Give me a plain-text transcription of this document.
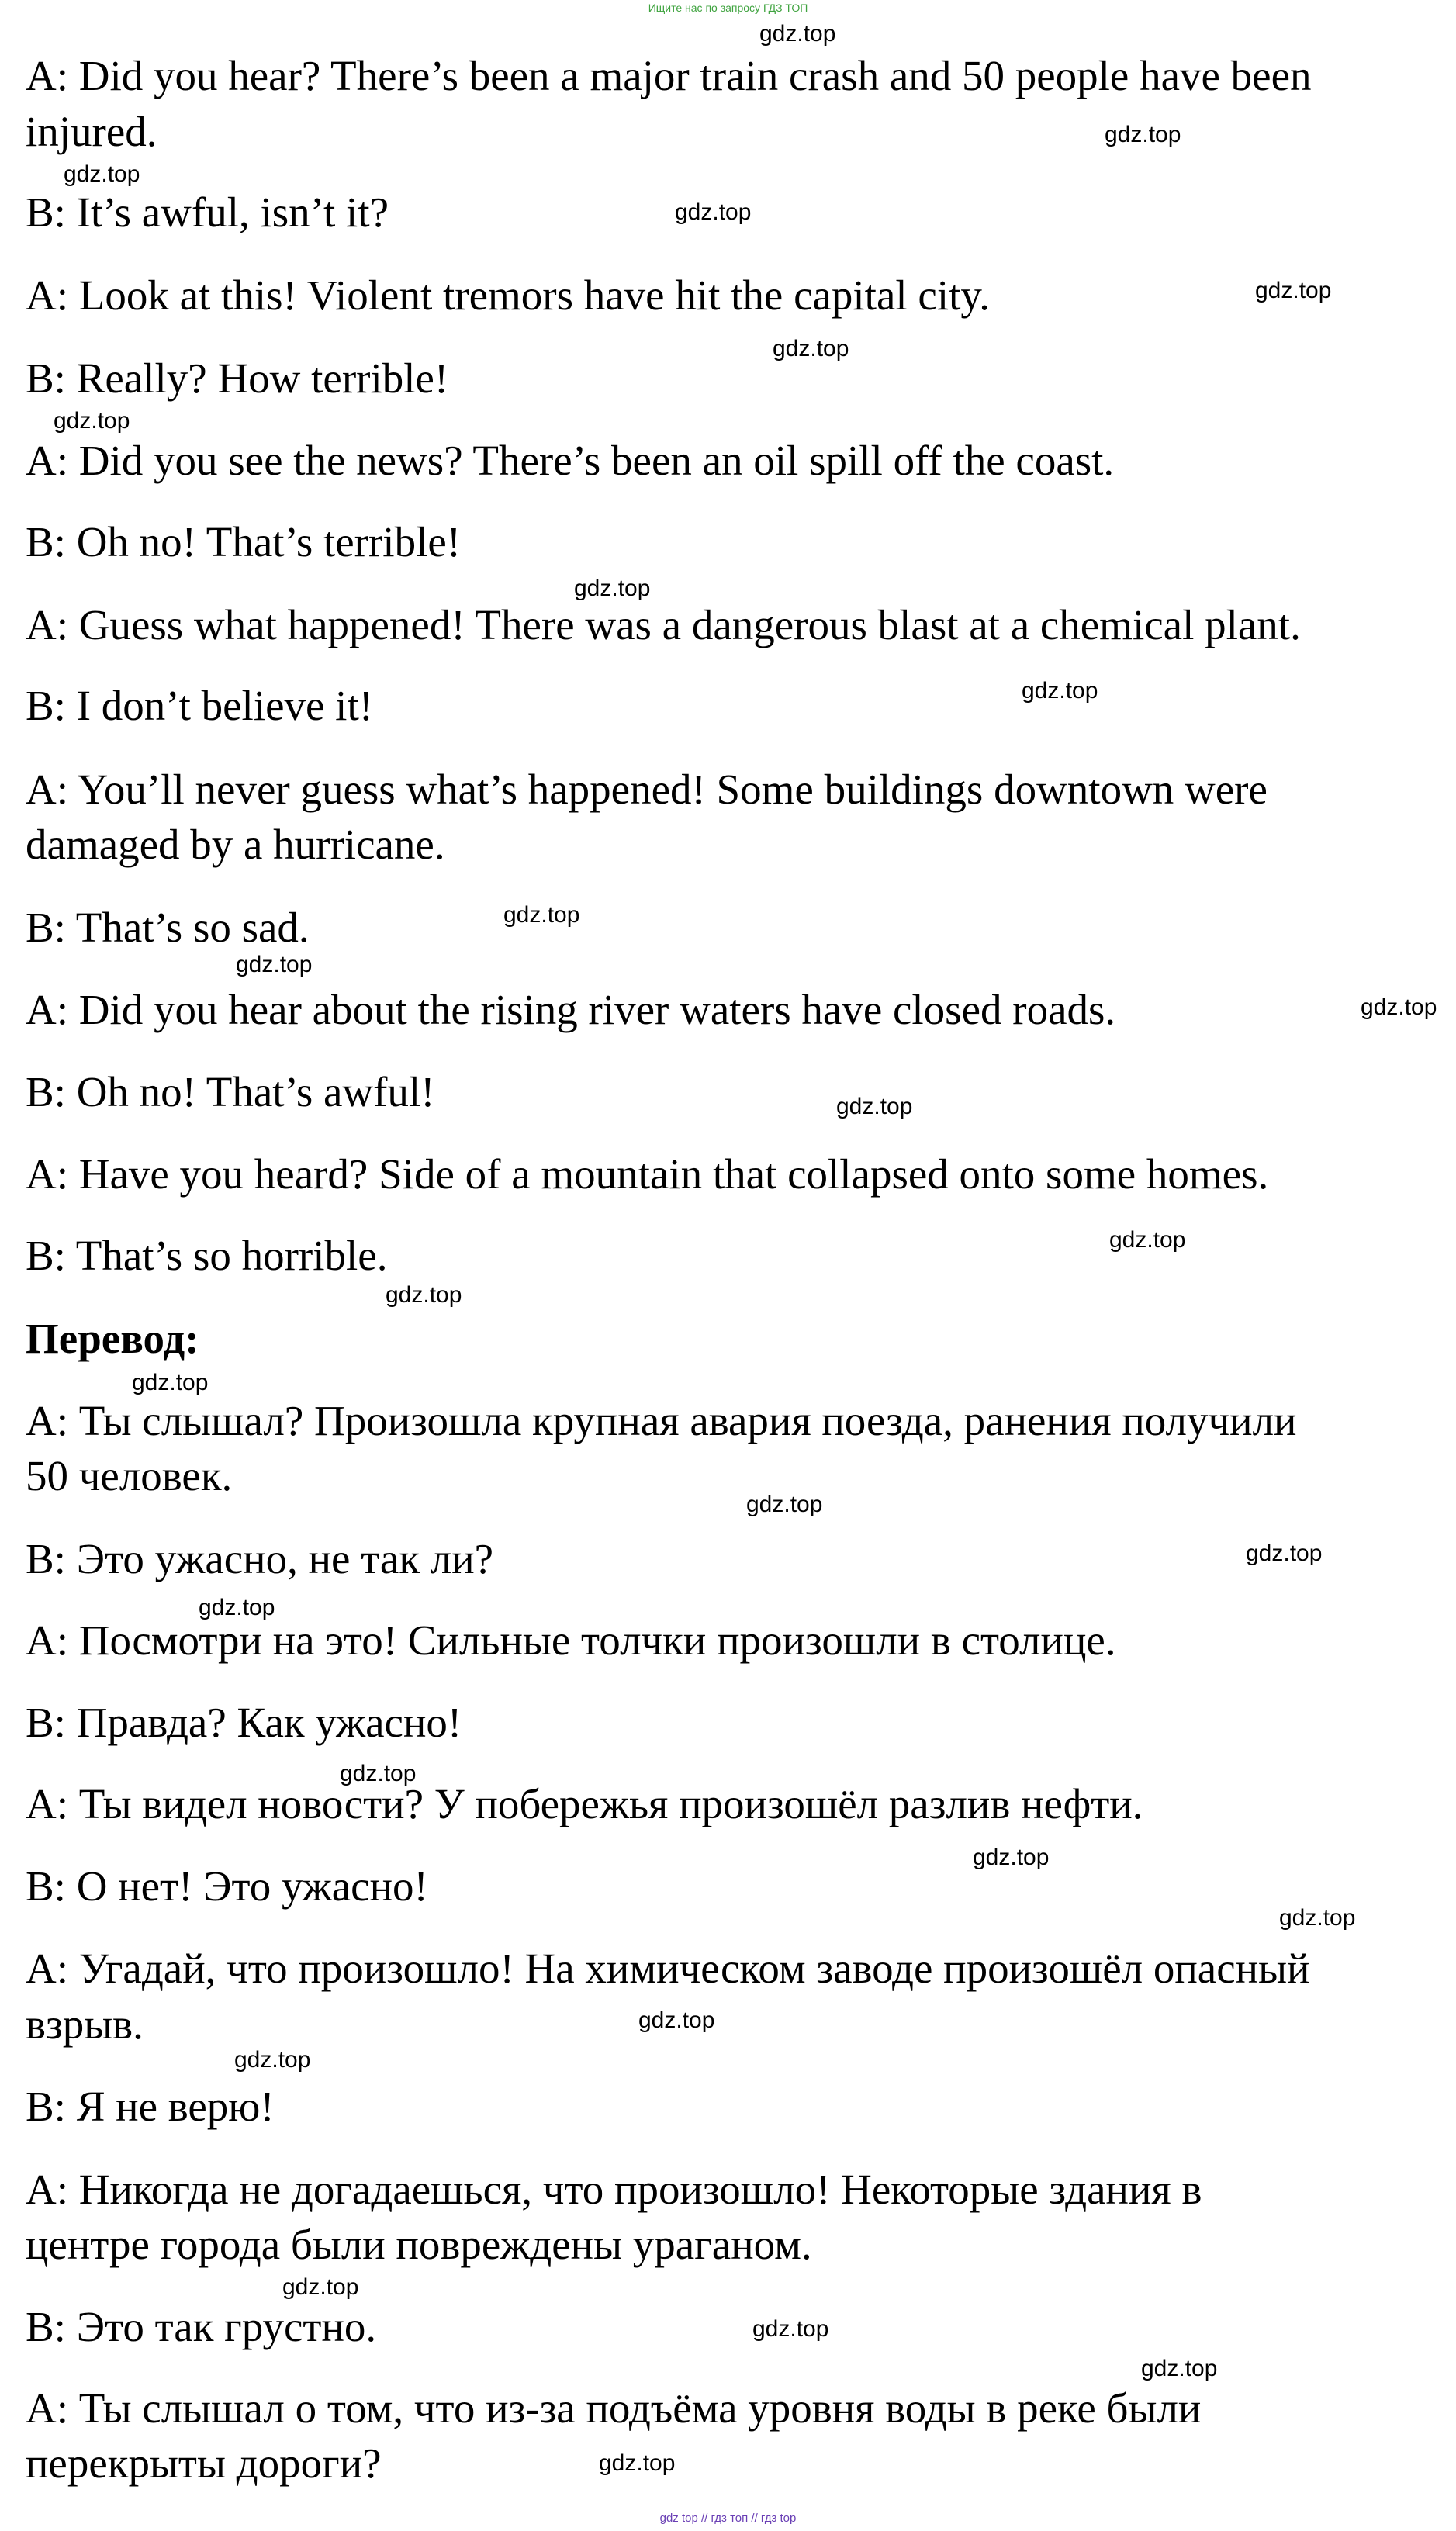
Ищите нас по запросу ГДЗ ТОП
A: Did you hear? There’s been a major train crash and 50 people have been
injured.
B: It’s awful, isn’t it?
A: Look at this! Violent tremors have hit the capital city.
B: Really? How terrible!
A: Did you see the news? There’s been an oil spill off the coast.
B: Oh no! That’s terrible!
A: Guess what happened! There was a dangerous blast at a chemical plant.
B: I don’t believe it!
A: You’ll never guess what’s happened! Some buildings downtown were
damaged by a hurricane.
B: That’s so sad.
A: Did you hear about the rising river waters have closed roads.
B: Oh no! That’s awful!
A: Have you heard? Side of a mountain that collapsed onto some homes.
B: That’s so horrible.
Перевод:
A: Ты слышал? Произошла крупная авария поезда, ранения получили
50 человек.
B: Это ужасно, не так ли?
A: Посмотри на это! Сильные толчки произошли в столице.
B: Правда? Как ужасно!
A: Ты видел новости? У побережья произошёл разлив нефти.
B: О нет! Это ужасно!
A: Угадай, что произошло! На химическом заводе произошёл опасный
взрыв.
B: Я не верю!
A: Никогда не догадаешься, что произошло! Некоторые здания в
центре города были повреждены ураганом.
B: Это так грустно.
A: Ты слышал о том, что из-за подъёма уровня воды в реке были
перекрыты дороги?
gdz.top
gdz.top
gdz.top
gdz.top
gdz.top
gdz.top
gdz.top
gdz.top
gdz.top
gdz.top
gdz.top
gdz.top
gdz.top
gdz.top
gdz.top
gdz.top
gdz.top
gdz.top
gdz.top
gdz.top
gdz.top
gdz.top
gdz.top
gdz.top
gdz.top
gdz.top
gdz.top
gdz.top
gdz top // гдз топ // гдз top
